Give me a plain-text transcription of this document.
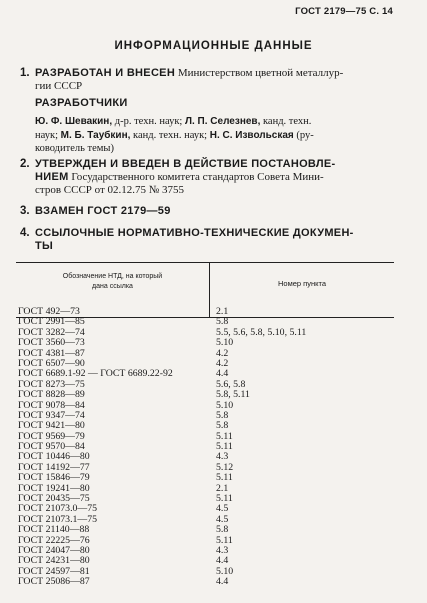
ГОСТ 2179—75 С. 14
ИНФОРМАЦИОННЫЕ ДАННЫЕ
1. РАЗРАБОТАН И ВНЕСЕН Министерством цветной металлур-
гии СССР
РАЗРАБОТЧИКИ
Ю. Ф. Шевакин, д-р. техн. наук; Л. П. Селезнев, канд. техн.
наук; М. Б. Таубкин, канд. техн. наук; Н. С. Извольская (ру-
ководитель темы)
2. УТВЕРЖДЕН И ВВЕДЕН В ДЕЙСТВИЕ ПОСТАНОВЛЕ-
НИЕМ Государственного комитета стандартов Совета Мини-
стров СССР от 02.12.75 № 3755
3. ВЗАМЕН ГОСТ 2179—59
4. ССЫЛОЧНЫЕ НОРМАТИВНО-ТЕХНИЧЕСКИЕ ДОКУМЕН-
ТЫ
Обозначение НТД, на который
дана ссылка	Номер пункта
ГОСТ 492—73	2.1
ГОСТ 2991—85	5.8
ГОСТ 3282—74	5.5, 5.6, 5.8, 5.10, 5.11
ГОСТ 3560—73	5.10
ГОСТ 4381—87	4.2
ГОСТ 6507—90	4.2
ГОСТ 6689.1-92 — ГОСТ 6689.22-92	4.4
ГОСТ 8273—75	5.6, 5.8
ГОСТ 8828—89	5.8, 5.11
ГОСТ 9078—84	5.10
ГОСТ 9347—74	5.8
ГОСТ 9421—80	5.8
ГОСТ 9569—79	5.11
ГОСТ 9570—84	5.11
ГОСТ 10446—80	4.3
ГОСТ 14192—77	5.12
ГОСТ 15846—79	5.11
ГОСТ 19241—80	2.1
ГОСТ 20435—75	5.11
ГОСТ 21073.0—75	4.5
ГОСТ 21073.1—75	4.5
ГОСТ 21140—88	5.8
ГОСТ 22225—76	5.11
ГОСТ 24047—80	4.3
ГОСТ 24231—80	4.4
ГОСТ 24597—81	5.10
ГОСТ 25086—87	4.4
